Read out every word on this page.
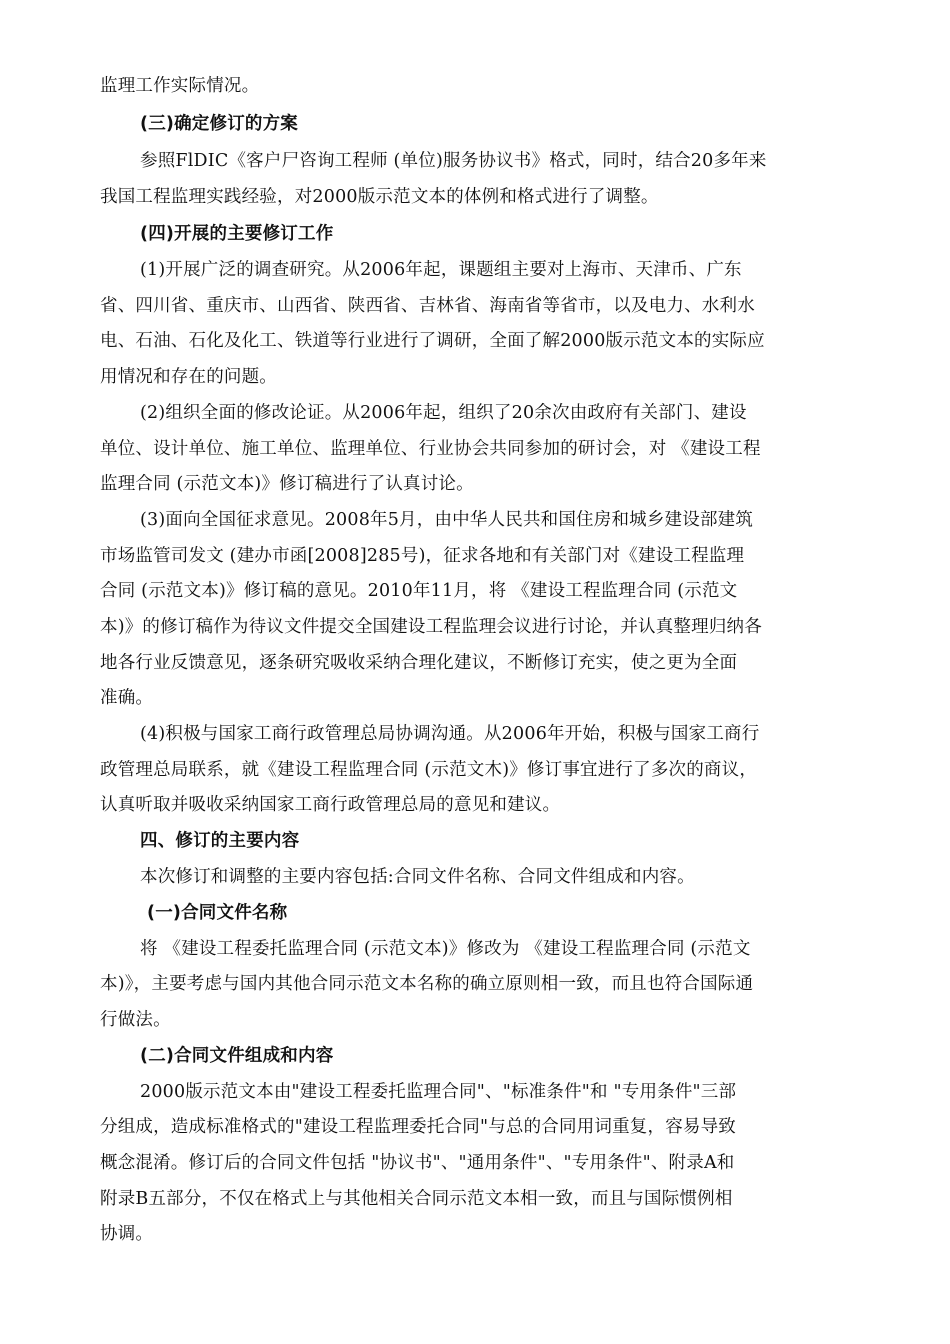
监理工作实际情况。
(三)确定修订的方案
参照FlDIC《客户尸咨询工程师 (单位)服务协议书》格式，同时，结合20多年来
我国工程监理实践经验，对2000版示范文本的体例和格式进行了调整。
(四)开展的主要修订工作
(1)开展广泛的调查研究。从2006年起，课题组主要对上海市、天津币、广东
省、四川省、重庆市、山西省、陕西省、吉林省、海南省等省市，以及电力、水利水
电、石油、石化及化工、铁道等行业进行了调研，全面了解2000版示范文本的实际应
用情况和存在的问题。
(2)组织全面的修改论证。从2006年起，组织了20余次由政府有关部门、建设
单位、设计单位、施工单位、监理单位、行业协会共同参加的研讨会，对 《建设工程
监理合同 (示范文本)》修订稿进行了认真讨论。
(3)面向全国征求意见。2008年5月，由中华人民共和国住房和城乡建设部建筑
市场监管司发文 (建办市函[2008]285号)，征求各地和有关部门对《建设工程监理
合同 (示范文本)》修订稿的意见。2010年11月，将 《建设工程监理合同 (示范文
本)》的修订稿作为待议文件提交全国建设工程监理会议进行讨论，并认真整理归纳各
地各行业反馈意见，逐条研究吸收采纳合理化建议，不断修订充实，使之更为全面
准确。
(4)积极与国家工商行政管理总局协调沟通。从2006年开始，积极与国家工商行
政管理总局联系，就《建设工程监理合同 (示范文木)》修订事宜进行了多次的商议，
认真听取并吸收采纳国家工商行政管理总局的意见和建议。
四、修订的主要内容
本次修订和调整的主要内容包括:合同文件名称、合同文件组成和内容。
(一)合同文件名称
将 《建设工程委托监理合同 (示范文本)》修改为 《建设工程监理合同 (示范文
本)》，主要考虑与国内其他合同示范文本名称的确立原则相一致，而且也符合国际通
行做法。
(二)合同文件组成和内容
2000版示范文本由"建设工程委托监理合同"、"标准条件"和 "专用条件"三部
分组成，造成标准格式的"建设工程监理委托合同"与总的合同用词重复，容易导致
概念混淆。修订后的合同文件包括 "协议书"、"通用条件"、"专用条件"、附录A和
附录B五部分，不仅在格式上与其他相关合同示范文本相一致，而且与国际惯例相
协调。
